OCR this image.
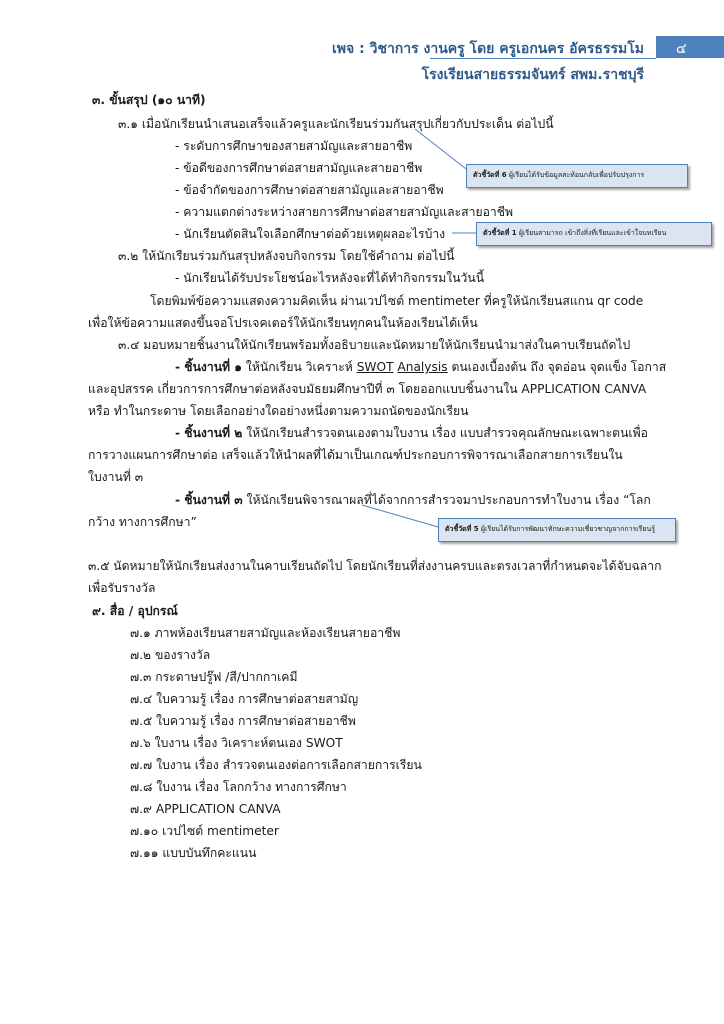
เพจ : วิชาการ งานครู โดย ครูเอกนคร อัครธรรมโม ๔
โรงเรียนสายธรรมจันทร์ สพม.ราชบุรี
๓. ขั้นสรุป (๑๐ นาที)
๓.๑ เมื่อนักเรียนนำเสนอเสร็จแล้วครูและนักเรียนร่วมกันสรุปเกี่ยวกับประเด็น ต่อไปนี้
- ระดับการศึกษาของสายสามัญและสายอาชีพ
- ข้อดีของการศึกษาต่อสายสามัญและสายอาชีพ
- ข้อจำกัดของการศึกษาต่อสายสามัญและสายอาชีพ
- ความแตกต่างระหว่างสายการศึกษาต่อสายสามัญและสายอาชีพ
- นักเรียนตัดสินใจเลือกศึกษาต่อด้วยเหตุผลอะไรบ้าง
๓.๒ ให้นักเรียนร่วมกันสรุปหลังจบกิจกรรม โดยใช้คำถาม ต่อไปนี้
- นักเรียนได้รับประโยชน์อะไรหลังจะที่ได้ทำกิจกรรมในวันนี้
โดยพิมพ์ข้อความแสดงความคิดเห็น ผ่านเวปไซต์ mentimeter ที่ครูให้นักเรียนสแกน qr code
เพื่อให้ข้อความแสดงขึ้นจอโปรเจคเตอร์ให้นักเรียนทุกคนในห้องเรียนได้เห็น
๓.๔ มอบหมายชิ้นงานให้นักเรียนพร้อมทั้งอธิบายและนัดหมายให้นักเรียนนำมาส่งในคาบเรียนถัดไป
- ชิ้นงานที่ ๑ ให้นักเรียน วิเคราะห์ SWOT Analysis ตนเองเบื้องต้น ถึง จุดอ่อน จุดแข็ง โอกาส
และอุปสรรค เกี่ยวการการศึกษาต่อหลังจบมัธยมศึกษาปีที่ ๓ โดยออกแบบชิ้นงานใน APPLICATION CANVA
หรือ ทำในกระดาษ โดยเลือกอย่างใดอย่างหนึ่งตามความถนัดของนักเรียน
- ชิ้นงานที่ ๒ ให้นักเรียนสำรวจตนเองตามใบงาน เรื่อง แบบสำรวจคุณลักษณะเฉพาะตนเพื่อ
การวางแผนการศึกษาต่อ เสร็จแล้วให้นำผลที่ได้มาเป็นเกณฑ์ประกอบการพิจารณาเลือกสายการเรียนใน
ใบงานที่ ๓
- ชิ้นงานที่ ๓ ให้นักเรียนพิจารณาผลที่ได้จากการสำรวจมาประกอบการทำใบงาน เรื่อง “โลก
กว้าง ทางการศึกษา”
๓.๕ นัดหมายให้นักเรียนส่งงานในคาบเรียนถัดไป โดยนักเรียนที่ส่งงานครบและตรงเวลาที่กำหนดจะได้จับฉลาก
เพื่อรับรางวัล
๙. สื่อ / อุปกรณ์
๗.๑ ภาพห้องเรียนสายสามัญและห้องเรียนสายอาชีพ
๗.๒ ของรางวัล
๗.๓ กระดาษปรู๊ฟ /สี/ปากกาเคมี
๗.๔ ใบความรู้ เรื่อง การศึกษาต่อสายสามัญ
๗.๕ ใบความรู้ เรื่อง การศึกษาต่อสายอาชีพ
๗.๖ ใบงาน เรื่อง วิเคราะห์ตนเอง SWOT
๗.๗ ใบงาน เรื่อง สำรวจตนเองต่อการเลือกสายการเรียน
๗.๘ ใบงาน เรื่อง โลกกว้าง ทางการศึกษา
๗.๙ APPLICATION CANVA
๗.๑๐ เวปไซต์ mentimeter
๗.๑๑ แบบบันทึกคะแนน
ตัวชี้วัดที่ 6 ผู้เรียนได้รับข้อมูลสะท้อนกลับเพื่อปรับปรุงการ
ตัวชี้วัดที่ 1 ผู้เรียนสามารถ เข้าถึงสิ่งที่เรียนและเข้าใจบทเรียน
ตัวชี้วัดที่ 5 ผู้เรียนได้รับการพัฒนาทักษะความเชี่ยวชาญจากการเรียนรู้
